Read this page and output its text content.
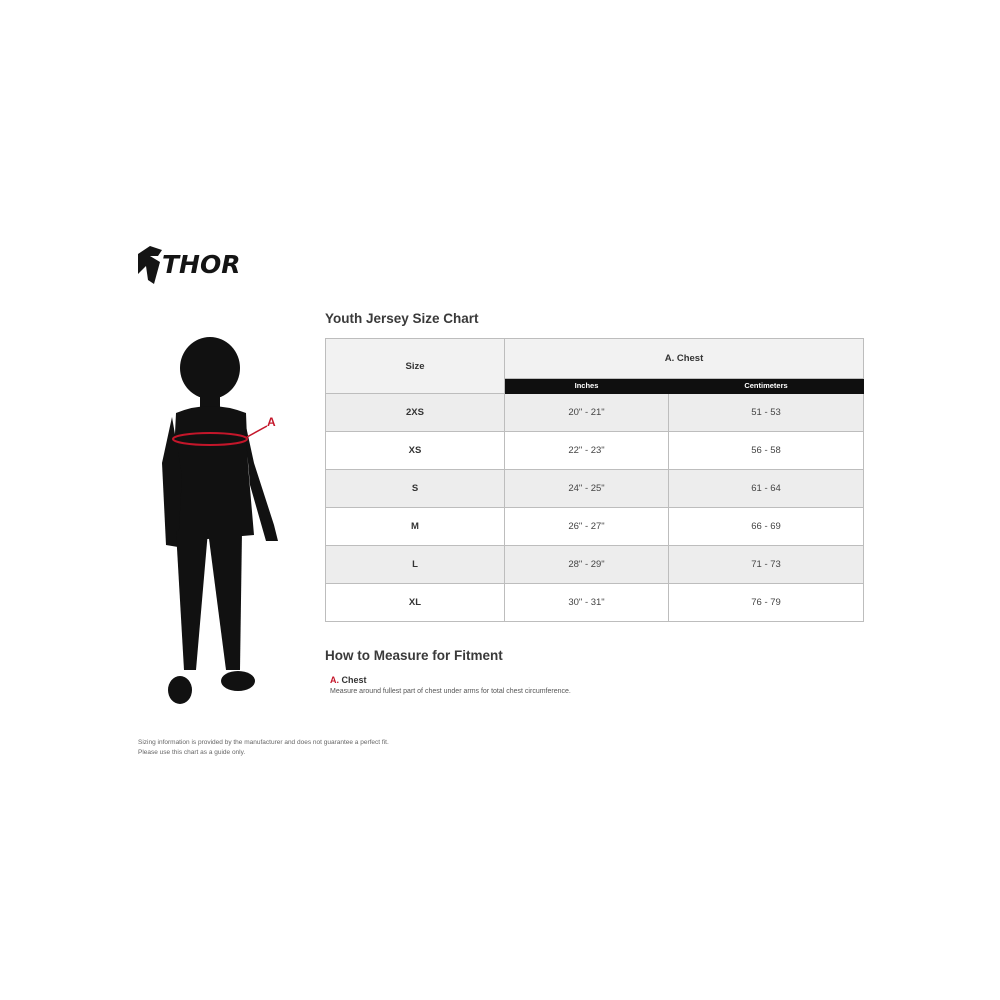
THOR
A
Youth Jersey Size Chart
Size	A. Chest	
	Inches	Centimeters
2XS	20" - 21"	51 - 53
XS	22" - 23"	56 - 58
S	24" - 25"	61 - 64
M	26" - 27"	66 - 69
L	28" - 29"	71 - 73
XL	30" - 31"	76 - 79
How to Measure for Fitment
A. Chest
Measure around fullest part of chest under arms for total chest circumference.
Sizing information is provided by the manufacturer and does not guarantee a perfect fit.
Please use this chart as a guide only.
